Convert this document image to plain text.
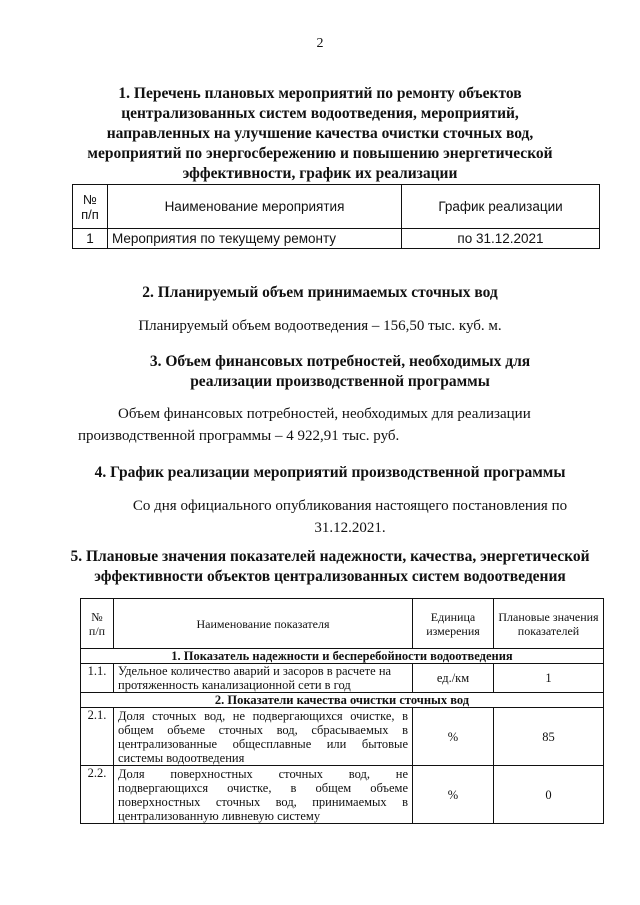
2
1. Перечень плановых мероприятий по ремонту объектов
централизованных систем водоотведения, мероприятий,
направленных на улучшение качества очистки сточных вод,
мероприятий по энергосбережению и повышению энергетической
эффективности, график их реализации
№ п/п	Наименование мероприятия	График реализации
1	Мероприятия по текущему ремонту	по 31.12.2021
2. Планируемый объем принимаемых сточных вод
Планируемый объем водоотведения – 156,50 тыс. куб. м.
3. Объем финансовых потребностей, необходимых для
реализации производственной программы
Объем финансовых потребностей, необходимых для реализации
производственной программы – 4 922,91 тыс. руб.
4. График реализации мероприятий производственной программы
Со дня официального опубликования настоящего постановления по
31.12.2021.
5. Плановые значения показателей надежности, качества, энергетической
эффективности объектов централизованных систем водоотведения
№ п/п	Наименование показателя	Единица измерения	Плановые значения показателей
1. Показатель надежности и бесперебойности водоотведения			
1.1.	Удельное количество аварий и засоров в расчете на протяженность канализационной сети в год	ед./км	1
2. Показатели качества очистки сточных вод			
2.1.	Доля сточных вод, не подвергающихся очистке, в общем объеме сточных вод, сбрасываемых в централизованные общесплавные или бытовые системы водоотведения	%	85
2.2.	Доля поверхностных сточных вод, не подвергающихся очистке, в общем объеме поверхностных сточных вод, принимаемых в централизованную ливневую систему	%	0
